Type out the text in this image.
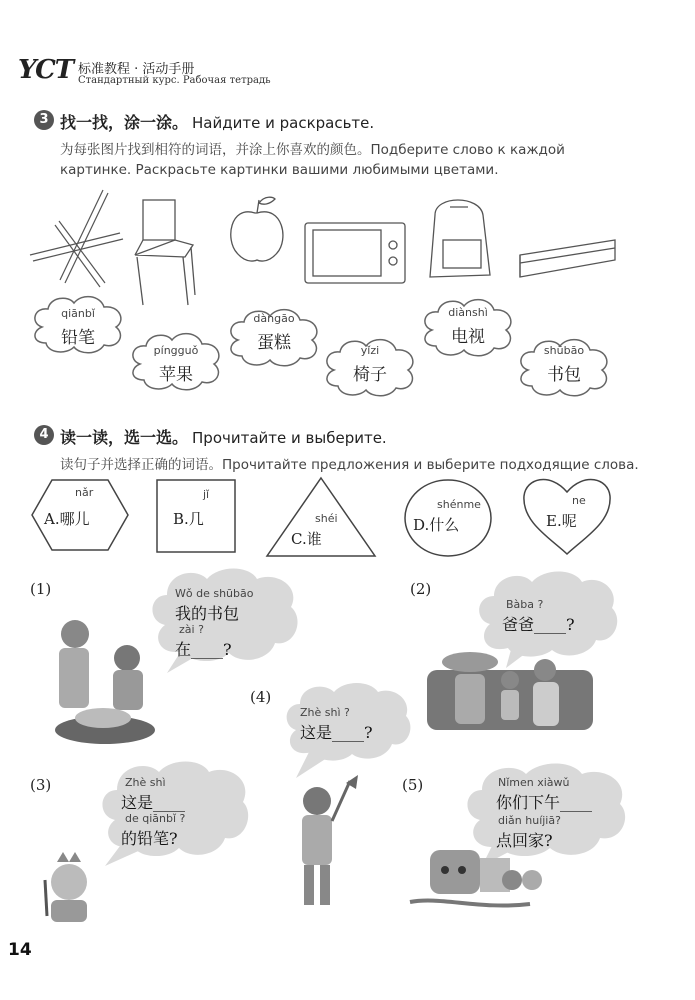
YCT 标准教程 · 活动手册
Стандартный курс. Рабочая тетрадь
3 找一找，涂一涂。 Найдите и раскрасьте.
为每张图片找到相符的词语，并涂上你喜欢的颜色。Подберите слово к каждой
картинке. Раскрасьте картинки вашими любимыми цветами.
qiānbǐ
铅笔
píngguǒ
苹果
dàngāo
蛋糕	yǐzi
椅子
diànshì
电视
shūbāo
书包
4 读一读，选一选。 Прочитайте и выберите.
读句子并选择正确的词语。Прочитайте предложения и выберите подходящие слова.
nǎr
A.哪儿
jǐ
B.几	shéi
C.谁
shénme
D.什么
ne
E.呢
(1)	Wǒ de shūbāo
我的书包
zài ?
在____?
(2)
Bàba ?
爸爸____?
(4)
Zhè shì ?
这是____?
(3)	Zhè shì
这是____
de qiānbǐ ?
的铅笔?
(5)	Nǐmen xiàwǔ
你们下午____
diǎn huíjiā?
点回家?
14
